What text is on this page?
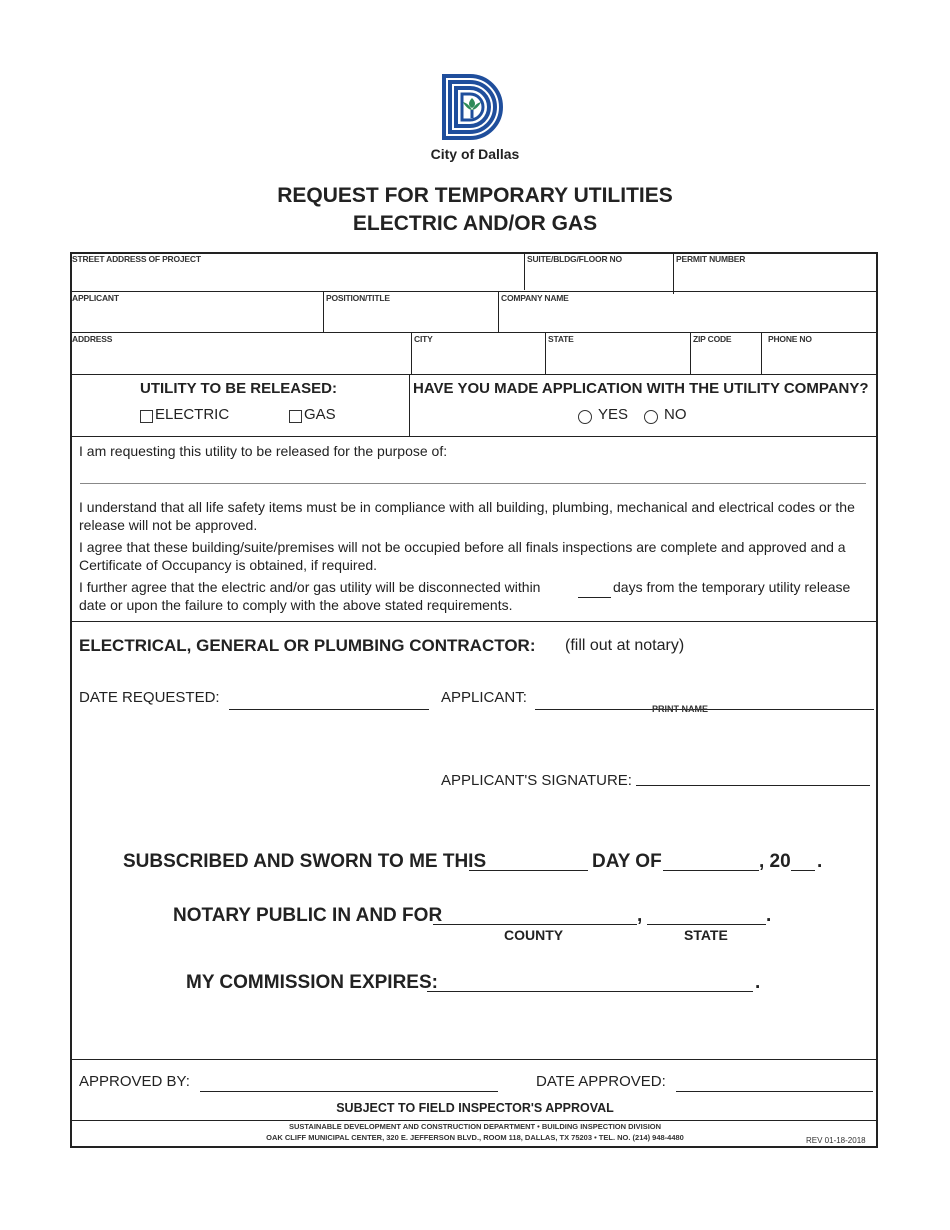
City of Dallas
REQUEST FOR TEMPORARY UTILITIES
ELECTRIC AND/OR GAS
STREET ADDRESS OF PROJECT	SUITE/BLDG/FLOOR NO	PERMIT NUMBER
APPLICANT	POSITION/TITLE	COMPANY NAME
ADDRESS	CITY	STATE	ZIP CODE	PHONE NO
UTILITY TO BE RELEASED:
ELECTRIC	GAS
HAVE YOU MADE APPLICATION WITH THE UTILITY COMPANY?
YES NO
I am requesting this utility to be released for the purpose of:
I understand that all life safety items must be in compliance with all building, plumbing, mechanical and electrical codes or the release will not be approved.
I agree that these building/suite/premises will not be occupied before all finals inspections are complete and approved and a Certificate of Occupancy is obtained, if required.
I further agree that the electric and/or gas utility will be disconnected within	days from the temporary utility release
date or upon the failure to comply with the above stated requirements.
ELECTRICAL, GENERAL OR PLUMBING CONTRACTOR: (fill out at notary)
DATE REQUESTED:	APPLICANT:
PRINT NAME
APPLICANT'S SIGNATURE:
SUBSCRIBED AND SWORN TO ME THIS	DAY OF	, 20 .
NOTARY PUBLIC IN AND FOR	,	.
COUNTY	STATE
MY COMMISSION EXPIRES:	.
APPROVED BY:	DATE APPROVED:
SUBJECT TO FIELD INSPECTOR'S APPROVAL
SUSTAINABLE DEVELOPMENT AND CONSTRUCTION DEPARTMENT • BUILDING INSPECTION DIVISION
OAK CLIFF MUNICIPAL CENTER, 320 E. JEFFERSON BLVD., ROOM 118, DALLAS, TX 75203 • TEL. NO. (214) 948-4480	REV 01-18-2018
